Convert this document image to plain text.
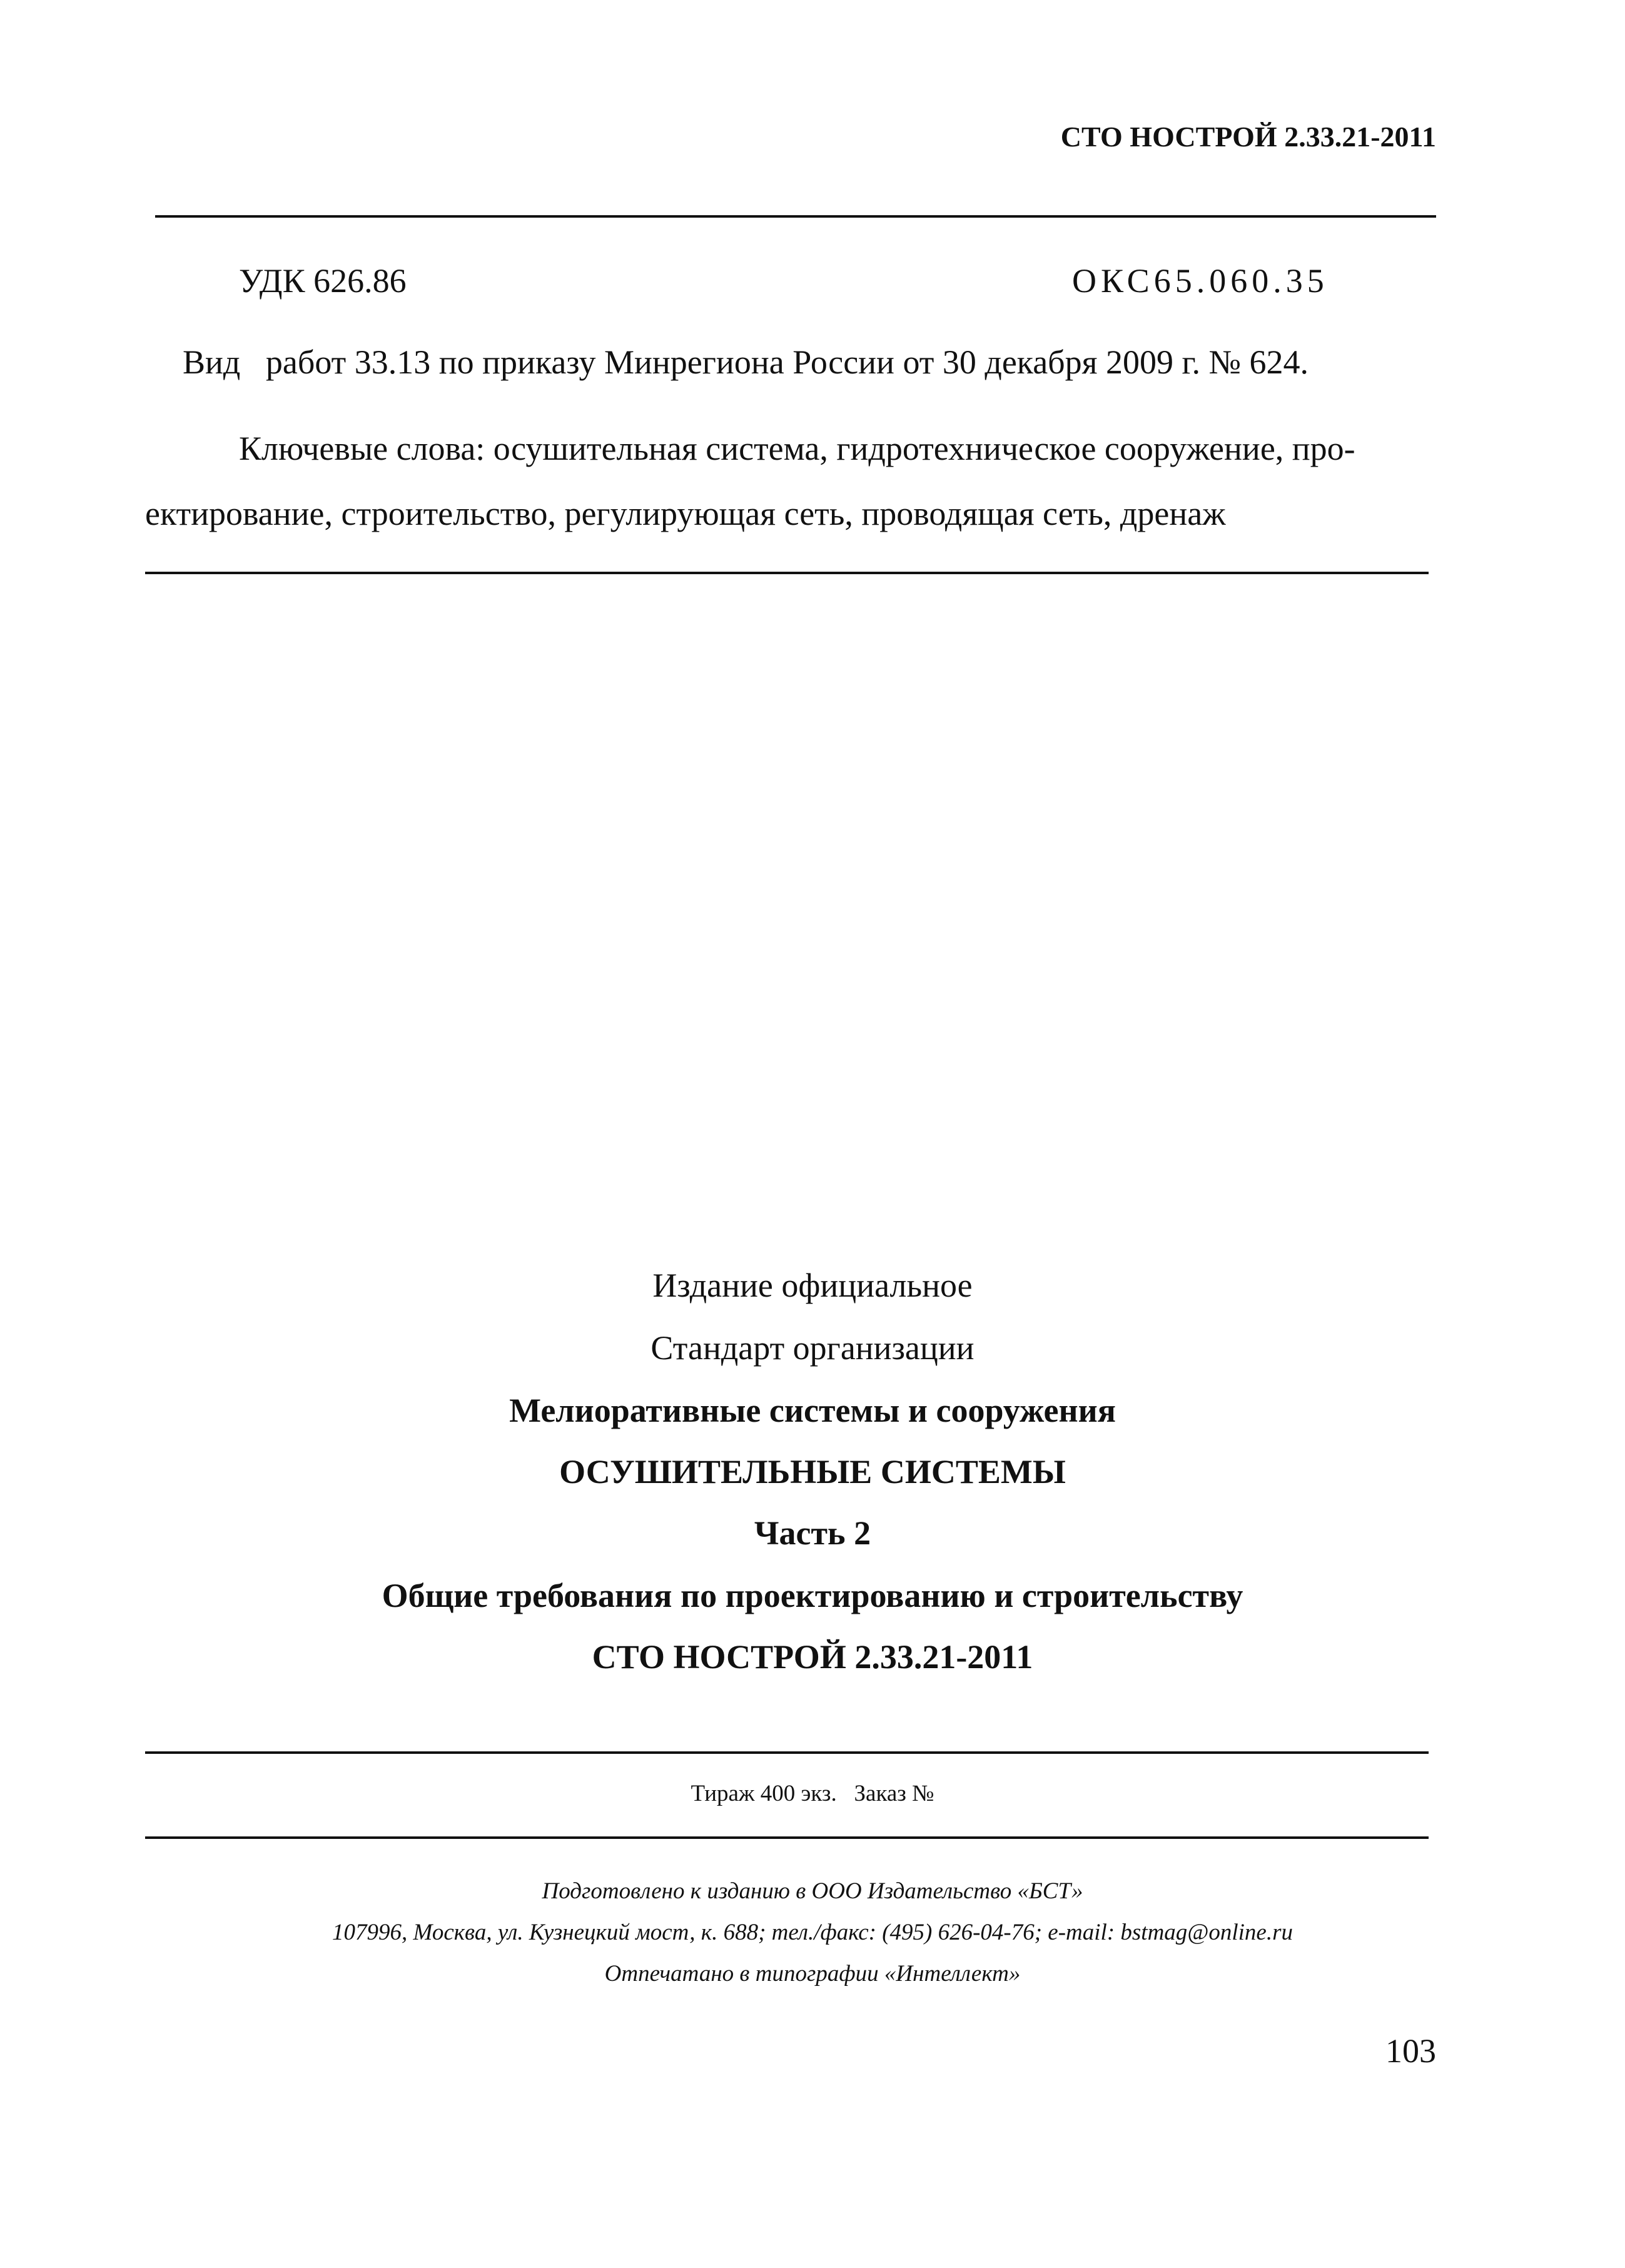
СТО НОСТРОЙ 2.33.21-2011
УДК 626.86	ОКС65.060.35
Вид   работ 33.13 по приказу Минрегиона России от 30 декабря 2009 г. № 624.
Ключевые слова: осушительная система, гидротехническое сооружение, про-
ектирование, строительство, регулирующая сеть, проводящая сеть, дренаж
Издание официальное
Стандарт организации
Мелиоративные системы и сооружения
ОСУШИТЕЛЬНЫЕ СИСТЕМЫ
Часть 2
Общие требования по проектированию и строительству
СТО НОСТРОЙ 2.33.21-2011
Тираж 400 экз.   Заказ №
Подготовлено к изданию в ООО Издательство «БСТ»
107996, Москва, ул. Кузнецкий мост, к. 688; тел./факс: (495) 626-04-76; e-mail: bstmag@online.ru
Отпечатано в типографии «Интеллект»
103
